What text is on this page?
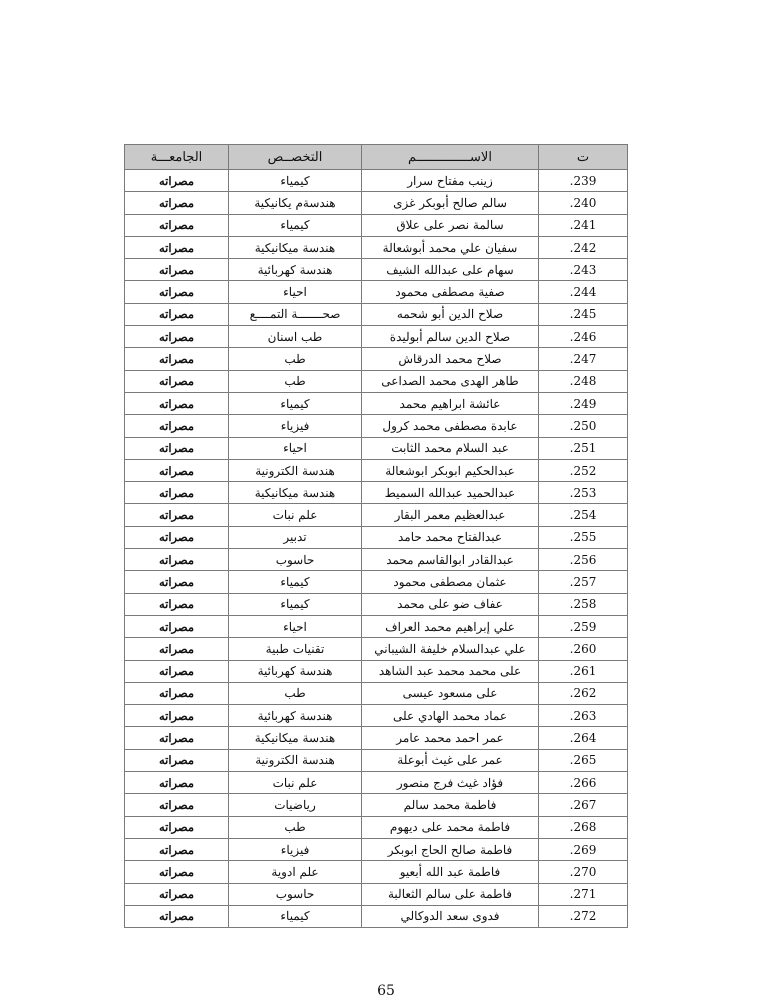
الجامعـــة	التخصــص	الاســــــــــــــم	ت
مصراته	كيمياء	زينب مفتاح سرار	.239
مصراته	هندسةم يكانيكية	سالم صالح أبوبكر غزى	.240
مصراته	كيمياء	سالمة نصر على علاق	.241
مصراته	هندسة ميكانيكية	سفيان علي محمد أبوشعالة	.242
مصراته	هندسة كهربائية	سهام على عبدالله الشيف	.243
مصراته	احياء	صفية مصطفى محمود	.244
مصراته	صحـــــــة التمــــع	صلاح الدين أبو شحمه	.245
مصراته	طب اسنان	صلاح الدين سالم أبوليدة	.246
مصراته	طب	صلاح محمد الدرقاش	.247
مصراته	طب	طاهر الهدى محمد الصداعى	.248
مصراته	كيمياء	عائشة ابراهيم محمد	.249
مصراته	فيزياء	عابدة مصطفى محمد كرول	.250
مصراته	احياء	عبد السلام محمد الثابت	.251
مصراته	هندسة الكترونية	عبدالحكيم ابوبكر ابوشعالة	.252
مصراته	هندسة ميكانيكية	عبدالحميد عبدالله السميط	.253
مصراته	علم نبات	عبدالعظيم معمر البقار	.254
مصراته	تدبير	عبدالفتاح محمد حامد	.255
مصراته	حاسوب	عبدالقادر ابوالقاسم محمد	.256
مصراته	كيمياء	عثمان مصطفى محمود	.257
مصراته	كيمياء	عفاف ضو على محمد	.258
مصراته	احياء	علي إبراهيم محمد العراف	.259
مصراته	تقنيات طبية	علي عبدالسلام خليفة الشيباني	.260
مصراته	هندسة كهربائية	على محمد محمد عبد الشاهد	.261
مصراته	طب	على مسعود عيسى	.262
مصراته	هندسة كهربائية	عماد محمد الهادي على	.263
مصراته	هندسة ميكانيكية	عمر احمد محمد عامر	.264
مصراته	هندسة الكترونية	عمر على غيث أبوعلة	.265
مصراته	علم نبات	فؤاد غيث فرج منصور	.266
مصراته	رياضيات	فاطمة محمد سالم	.267
مصراته	طب	فاطمة محمد على ديهوم	.268
مصراته	فيزياء	فاطمة صالح الحاج ابوبكر	.269
مصراته	علم ادوية	فاطمة عبد الله أبعيو	.270
مصراته	حاسوب	فاطمة على سالم الثعالبة	.271
مصراته	كيمياء	فدوى سعد الدوكالي	.272
65
